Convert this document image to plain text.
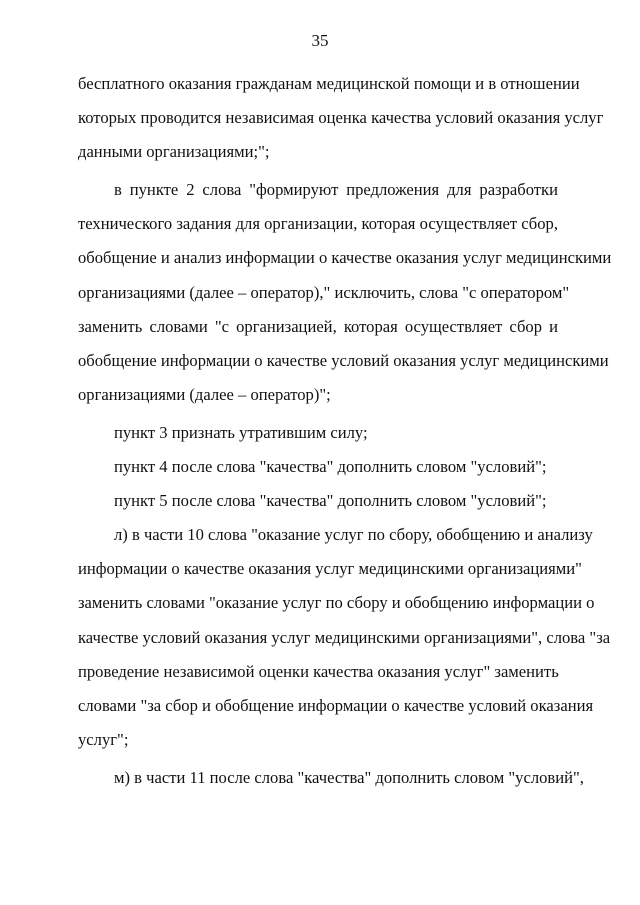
35
бесплатного оказания гражданам медицинской помощи и в отношении
которых проводится независимая оценка качества условий оказания услуг
данными организациями;";
в пункте 2 слова "формируют предложения для разработки
технического задания для организации, которая осуществляет сбор,
обобщение и анализ информации о качестве оказания услуг медицинскими
организациями (далее – оператор)," исключить, слова "с оператором"
заменить словами "с организацией, которая осуществляет сбор и
обобщение информации о качестве условий оказания услуг медицинскими
организациями (далее – оператор)";
пункт 3 признать утратившим силу;
пункт 4 после слова "качества" дополнить словом "условий";
пункт 5 после слова "качества" дополнить словом "условий";
л) в части 10 слова "оказание услуг по сбору, обобщению и анализу
информации о качестве оказания услуг медицинскими организациями"
заменить словами "оказание услуг по сбору и обобщению информации о
качестве условий оказания услуг медицинскими организациями", слова "за
проведение независимой оценки качества оказания услуг" заменить
словами "за сбор и обобщение информации о качестве условий оказания
услуг";
м) в части 11 после слова "качества" дополнить словом "условий",
